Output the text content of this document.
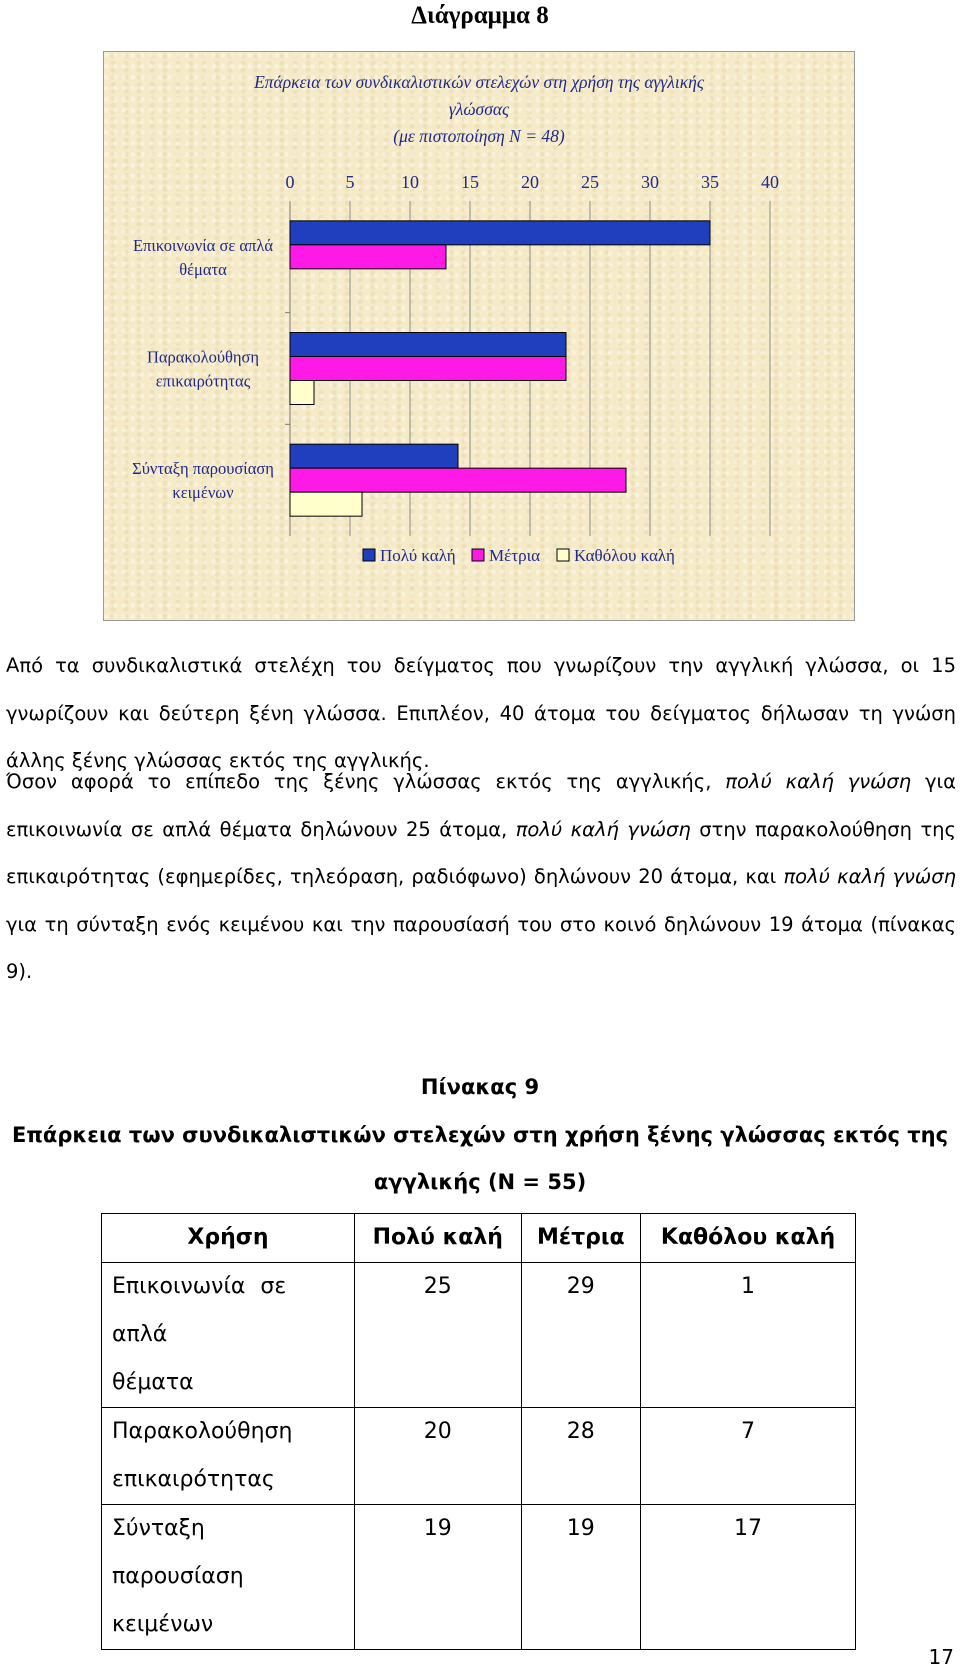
Διάγραμμα 8
Επάρκεια των συνδικαλιστικών στελεχών στη χρήση της αγγλικής
γλώσσας
(με πιστοποίηση Ν = 48)
0	5	10 15 20 25 30 35 40
Επικοινωνία σε απλά
θέματα
Παρακολούθηση
επικαιρότητας
Σύνταξη παρουσίαση
κειμένων
Πολύ καλή Μέτρια Καθόλου καλή

Από τα συνδικαλιστικά στελέχη του δείγματος που γνωρίζουν την αγγλική γλώσσα, οι 15 γνωρίζουν και δεύτερη ξένη γλώσσα. Επιπλέον, 40 άτομα του δείγματος δήλωσαν τη γνώση άλλης ξένης γλώσσας εκτός της αγγλικής.

Όσον αφορά το επίπεδο της ξένης γλώσσας εκτός της αγγλικής, πολύ καλή γνώση για επικοινωνία σε απλά θέματα δηλώνουν 25 άτομα, πολύ καλή γνώση στην παρακολούθηση της επικαιρότητας (εφημερίδες, τηλεόραση, ραδιόφωνο) δηλώνουν 20 άτομα, και πολύ καλή γνώση για τη σύνταξη ενός κειμένου και την παρουσίασή του στο κοινό δηλώνουν 19 άτομα (πίνακας 9).

Πίνακας 9
Επάρκεια των συνδικαλιστικών στελεχών στη χρήση ξένης γλώσσας εκτός της
αγγλικής (Ν = 55)
Χρήση	Πολύ καλή	Μέτρια	Καθόλου καλή

Επικοινωνία σε απλά
θέματα	25	29	1

Παρακολούθηση
επικαιρότητας	20	28	7

Σύνταξη παρουσίαση
κειμένων	19	19	17
17
